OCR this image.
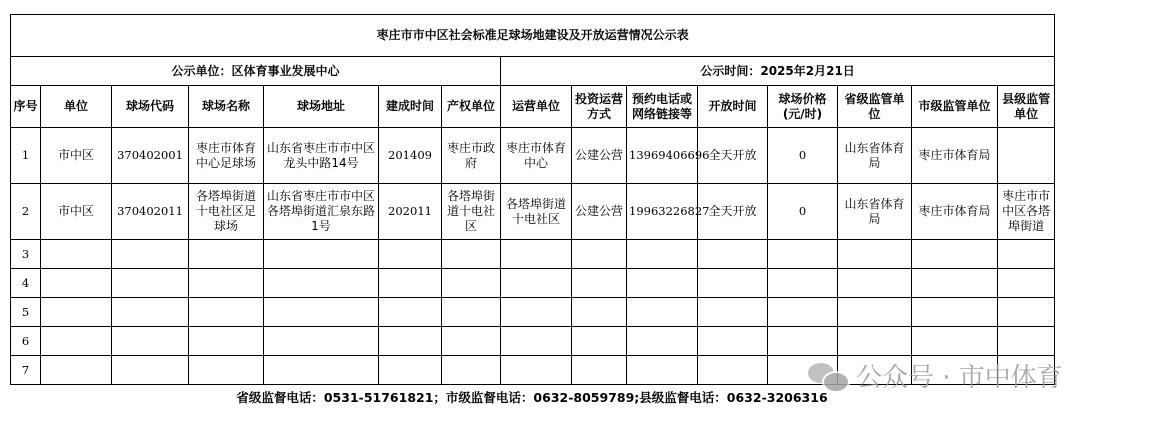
枣庄市市中区社会标准足球场地建设及开放运营情况公示表														
公示单位：区体育事业发展中心							公示时间：2025年2月21日							
序号	单位	球场代码	球场名称	球场地址	建成时间	产权单位	运营单位	投资运营方式	预约电话或网络链接等	开放时间	球场价格(元/时)	省级监管单位	市级监管单位	县级监管单位
1	市中区	370402001	枣庄市体育中心足球场	山东省枣庄市市中区龙头中路14号	201409	枣庄市政府	枣庄市体育中心	公建公营	13969406696	全天开放	0	山东省体育局	枣庄市体育局	
2	市中区	370402011	各塔埠街道十电社区足球场	山东省枣庄市市中区各塔埠街道汇泉东路1号	202011	各塔埠街道十电社区	各塔埠街道十电社区	公建公营	19963226827	全天开放	0	山东省体育局	枣庄市体育局	枣庄市市中区各塔埠街道
3														
4														
5														
6														
7															公众号 · 市中体育
省级监督电话：0531-51761821；市级监督电话：0632-8059789;县级监督电话：0632-3206316
